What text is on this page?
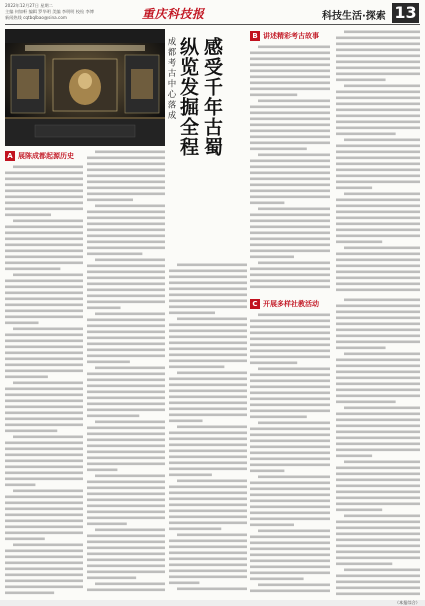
2022年12月27日 星期二
主编 何如軒 编辑 罗华明 美编 李明明 校检 李博
新闻热线 cqtbqlbao@sina.com	重庆科技报	科技生活·探索 13
感受千年古蜀
纵览发掘全程
成都考古中心落成
A 展陈成都起源历史
B 讲述精彩考古故事
C 开展多样社教活动
（本报综合）
